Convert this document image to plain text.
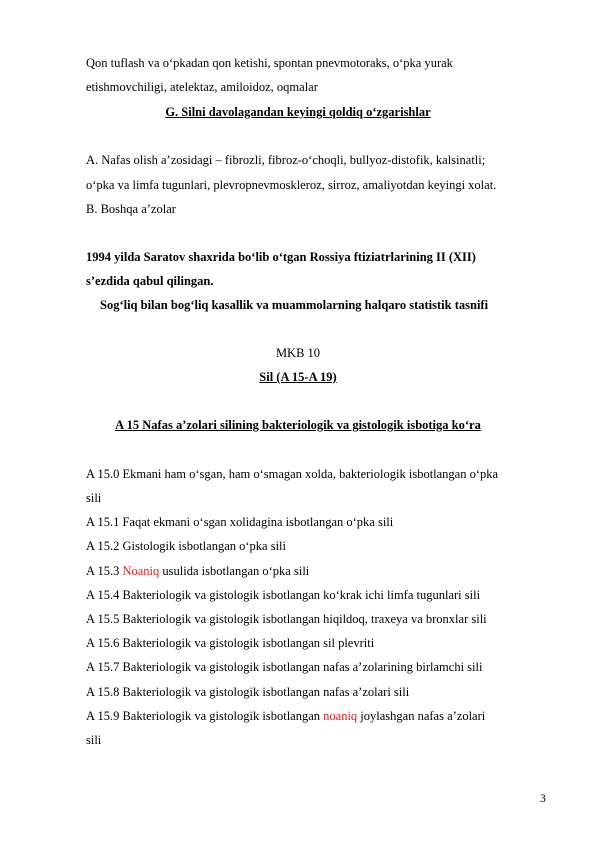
Qon tuflash va o‘pkadan qon ketishi, spontan pnevmotoraks, o‘pka yurak
etishmovchiligi, atelektaz, amiloidoz, oqmalar
G. Silni davolagandan keyingi qoldiq o‘zgarishlar
A. Nafas olish a’zosidagi – fibrozli, fibroz-o‘choqli, bullyoz-distofik, kalsinatli;
o‘pka va limfa tugunlari, plevropnevmoskleroz, sirroz, amaliyotdan keyingi xolat.
B. Boshqa a’zolar
1994 yilda Saratov shaxrida bo‘lib o‘tgan Rossiya ftiziatrlarining II (XII)
s’ezdida qabul qilingan.
Sog‘liq bilan bog‘liq kasallik va muammolarning halqaro statistik tasnifi
MKB 10
Sil (A 15-A 19)
A 15 Nafas a’zolari silining bakteriologik va gistologik isbotiga ko‘ra
A 15.0 Ekmani ham o‘sgan, ham o‘smagan xolda, bakteriologik isbotlangan o‘pka
sili
A 15.1 Faqat ekmani o‘sgan xolidagina isbotlangan o‘pka sili
A 15.2 Gistologik isbotlangan o‘pka sili
A 15.3 Noaniq usulida isbotlangan o‘pka sili
A 15.4 Bakteriologik va gistologik isbotlangan ko‘krak ichi limfa tugunlari sili
A 15.5 Bakteriologik va gistologik isbotlangan hiqildoq, traxeya va bronxlar sili
A 15.6 Bakteriologik va gistologik isbotlangan sil plevriti
A 15.7 Bakteriologik va gistologik isbotlangan nafas a’zolarining birlamchi sili
A 15.8 Bakteriologik va gistologik isbotlangan nafas a’zolari sili
A 15.9 Bakteriologik va gistologik isbotlangan noaniq joylashgan nafas a’zolari
sili
3
